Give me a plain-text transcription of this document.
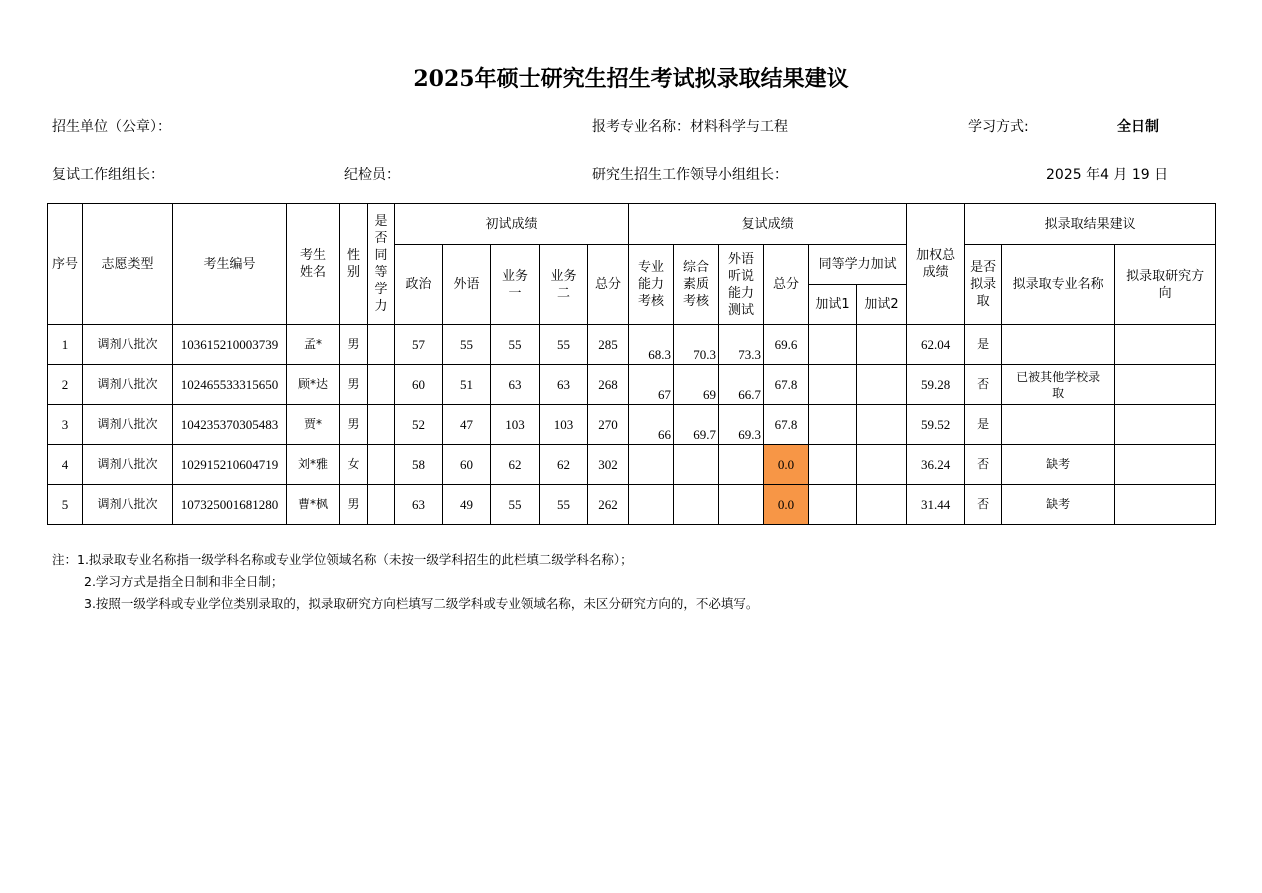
2025年硕士研究生招生考试拟录取结果建议
招生单位（公章）：	报考专业名称：材料科学与工程	学习方式:	全日制
复试工作组组长：	纪检员：	研究生招生工作领导小组组长：	2025 年4 月 19 日
序号	志愿类型	考生编号	考生姓名	性别	是否同等学力	初试成绩					复试成绩						加权总成绩	拟录取结果建议		
						政治	外语	业务一	业务二	总分	专业能力考核	综合素质考核	外语听说能力测试	总分	同等学力加试			是否拟录取	拟录取专业名称	拟录取研究方向
															加试1	加试2				
1	调剂八批次	103615210003739	孟*	男		57	55	55	55	285	68.3	70.3	73.3	69.6			62.04	是		
2	调剂八批次	102465533315650	顾*达	男		60	51	63	63	268	67	69	66.7	67.8			59.28	否	已被其他学校录取	
3	调剂八批次	104235370305483	贾*	男		52	47	103	103	270	66	69.7	69.3	67.8			59.52	是		
4	调剂八批次	102915210604719	刘*雅	女		58	60	62	62	302				0.0			36.24	否	缺考	
5	调剂八批次	107325001681280	曹*枫	男		63	49	55	55	262				0.0			31.44	否	缺考	
注：1.拟录取专业名称指一级学科名称或专业学位领域名称（未按一级学科招生的此栏填二级学科名称）；
2.学习方式是指全日制和非全日制；
3.按照一级学科或专业学位类别录取的，拟录取研究方向栏填写二级学科或专业领域名称，未区分研究方向的，不必填写。
